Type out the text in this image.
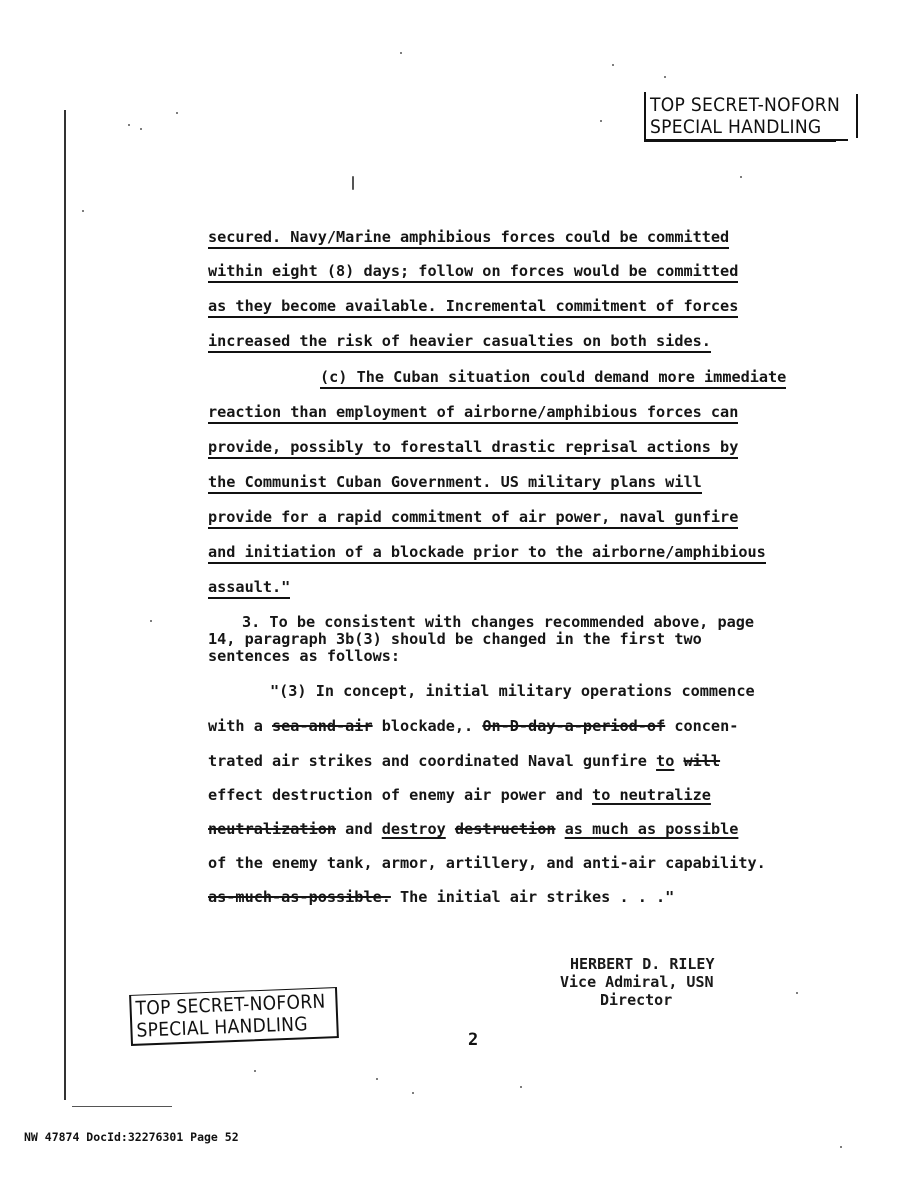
TOP SECRET-NOFORN
SPECIAL HANDLING
secured. Navy/Marine amphibious forces could be committed
within eight (8) days; follow on forces would be committed
as they become available. Incremental commitment of forces
increased the risk of heavier casualties on both sides.
(c) The Cuban situation could demand more immediate
reaction than employment of airborne/amphibious forces can
provide, possibly to forestall drastic reprisal actions by
the Communist Cuban Government. US military plans will
provide for a rapid commitment of air power, naval gunfire
and initiation of a blockade prior to the airborne/amphibious
assault."
3. To be consistent with changes recommended above, page
14, paragraph 3b(3) should be changed in the first two
sentences as follows:
"(3) In concept, initial military operations commence
with a sea-and-air blockade,. On-D-day-a-period-of concen-
trated air strikes and coordinated Naval gunfire to will
effect destruction of enemy air power and to neutralize
neutralization and destroy destruction as much as possible
of the enemy tank, armor, artillery, and anti-air capability.
as-much-as-possible. The initial air strikes . . ."
HERBERT D. RILEY
Vice Admiral, USN
Director
TOP SECRET-NOFORN
SPECIAL HANDLING	2
NW 47874 DocId:32276301 Page 52
